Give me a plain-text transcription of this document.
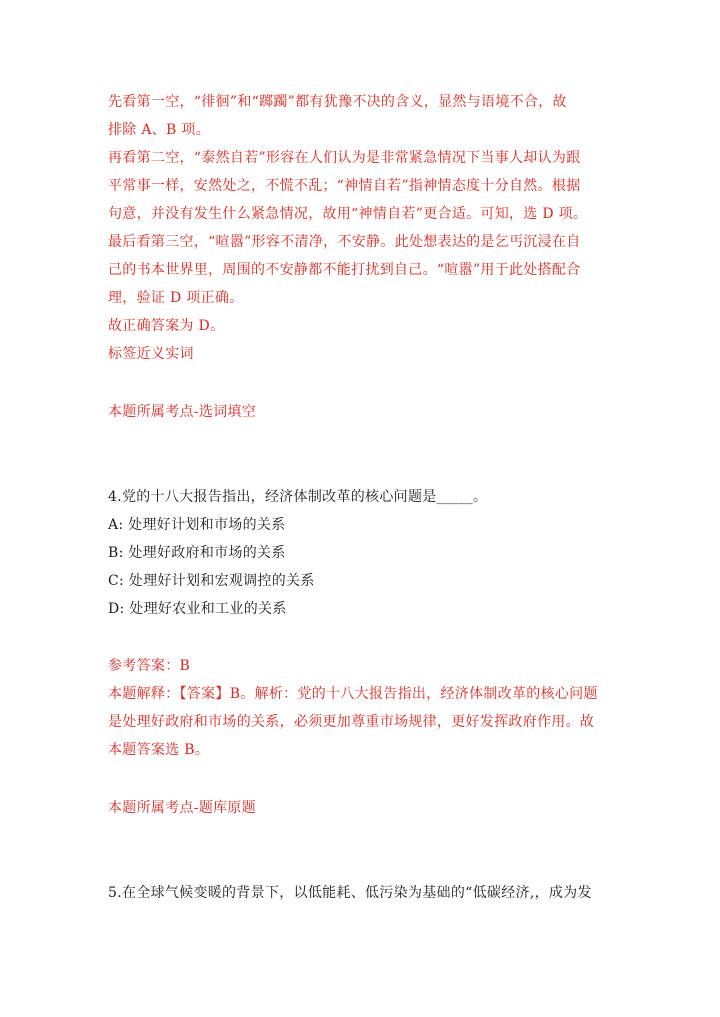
先看第一空，“徘徊”和“踯躅”都有犹豫不决的含义，显然与语境不合，故
排除 A、B 项。
再看第二空，“泰然自若”形容在人们认为是非常紧急情况下当事人却认为跟
平常事一样，安然处之，不慌不乱；“神情自若”指神情态度十分自然。根据
句意，并没有发生什么紧急情况，故用“神情自若”更合适。可知，选 D 项。
最后看第三空，“喧嚣”形容不清净，不安静。此处想表达的是乞丐沉浸在自
己的书本世界里，周围的不安静都不能打扰到自己。“喧嚣”用于此处搭配合
理，验证 D 项正确。
故正确答案为 D。
标签近义实词
本题所属考点-选词填空
4.党的十八大报告指出，经济体制改革的核心问题是_____。
A: 处理好计划和市场的关系
B: 处理好政府和市场的关系
C: 处理好计划和宏观调控的关系
D: 处理好农业和工业的关系
参考答案：B
本题解释：【答案】B。解析：党的十八大报告指出，经济体制改革的核心问题
是处理好政府和市场的关系，必须更加尊重市场规律，更好发挥政府作用。故
本题答案选 B。
本题所属考点-题库原题
5.在全球气候变暖的背景下，以低能耗、低污染为基础的“低碳经济,，成为发
